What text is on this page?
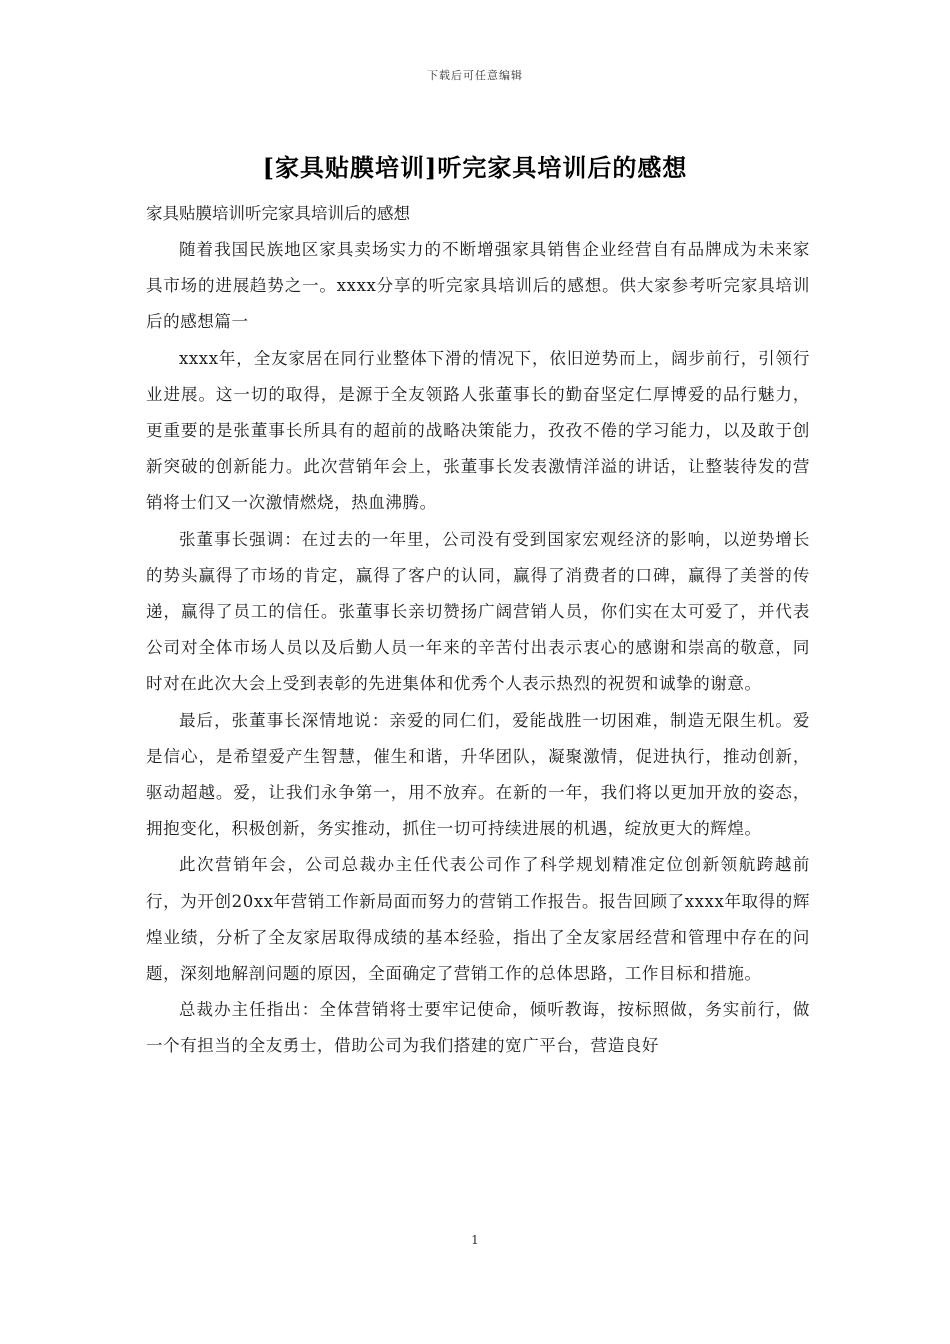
下载后可任意编辑
[家具贴膜培训]听完家具培训后的感想

家具贴膜培训听完家具培训后的感想

随着我国民族地区家具卖场实力的不断增强家具销售企业经营自有品牌成为未来家具市场的进展趋势之一。xxxx分享的听完家具培训后的感想。供大家参考听完家具培训后的感想篇一

xxxx年，全友家居在同行业整体下滑的情况下，依旧逆势而上，阔步前行，引领行业进展。这一切的取得，是源于全友领路人张董事长的勤奋坚定仁厚博爱的品行魅力，更重要的是张董事长所具有的超前的战略决策能力，孜孜不倦的学习能力，以及敢于创新突破的创新能力。此次营销年会上，张董事长发表激情洋溢的讲话，让整装待发的营销将士们又一次激情燃烧，热血沸腾。

张董事长强调：在过去的一年里，公司没有受到国家宏观经济的影响，以逆势增长的势头赢得了市场的肯定，赢得了客户的认同，赢得了消费者的口碑，赢得了美誉的传递，赢得了员工的信任。张董事长亲切赞扬广阔营销人员，你们实在太可爱了，并代表公司对全体市场人员以及后勤人员一年来的辛苦付出表示衷心的感谢和崇高的敬意，同时对在此次大会上受到表彰的先进集体和优秀个人表示热烈的祝贺和诚挚的谢意。

最后，张董事长深情地说：亲爱的同仁们，爱能战胜一切困难，制造无限生机。爱是信心，是希望爱产生智慧，催生和谐，升华团队，凝聚激情，促进执行，推动创新，驱动超越。爱，让我们永争第一，用不放弃。在新的一年，我们将以更加开放的姿态，拥抱变化，积极创新，务实推动，抓住一切可持续进展的机遇，绽放更大的辉煌。

此次营销年会，公司总裁办主任代表公司作了科学规划精准定位创新领航跨越前行，为开创20xx年营销工作新局面而努力的营销工作报告。报告回顾了xxxx年取得的辉煌业绩，分析了全友家居取得成绩的基本经验，指出了全友家居经营和管理中存在的问题，深刻地解剖问题的原因，全面确定了营销工作的总体思路，工作目标和措施。

总裁办主任指出：全体营销将士要牢记使命，倾听教诲，按标照做，务实前行，做一个有担当的全友勇士，借助公司为我们搭建的宽广平台，营造良好

1
